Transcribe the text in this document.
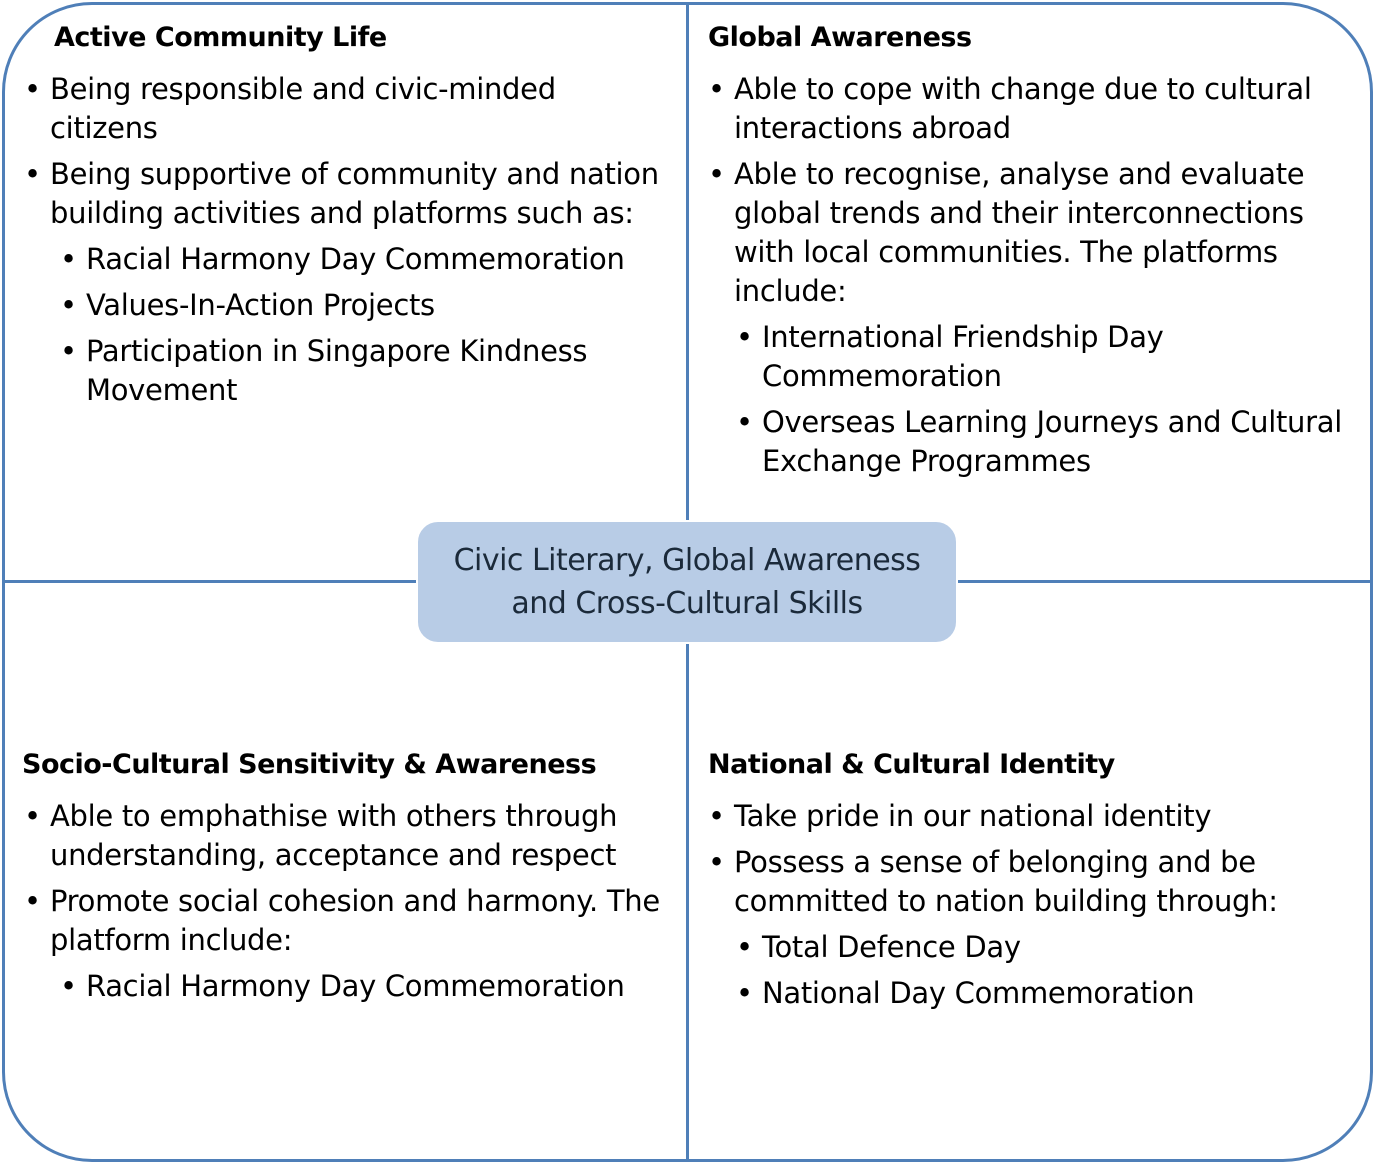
Active Community Life
• Being responsible and civic-minded citizens
• Being supportive of community and nation building activities and platforms such as:
• Racial Harmony Day Commemoration
• Values-In-Action Projects
• Participation in Singapore Kindness Movement
Global Awareness
• Able to cope with change due to cultural interactions abroad
• Able to recognise, analyse and evaluate global trends and their interconnections with local communities. The platforms include:
• International Friendship Day Commemoration
• Overseas Learning Journeys and Cultural Exchange Programmes
Socio-Cultural Sensitivity & Awareness
• Able to emphathise with others through understanding, acceptance and respect
• Promote social cohesion and harmony. The platform include:
• Racial Harmony Day Commemoration
National & Cultural Identity
• Take pride in our national identity
• Possess a sense of belonging and be committed to nation building through:
• Total Defence Day
• National Day Commemoration
Civic Literary, Global Awareness
and Cross-Cultural Skills
